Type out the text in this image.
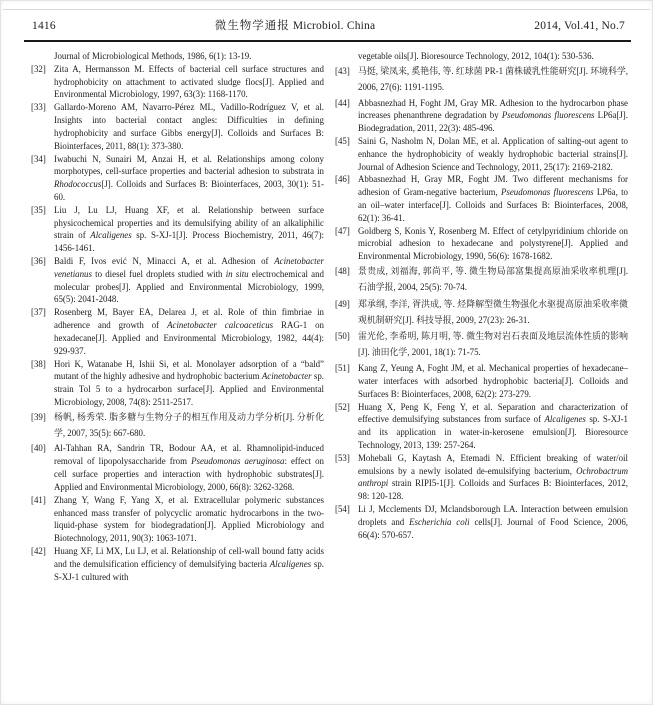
1416	微生物学通报 Microbiol. China	2014, Vol.41, No.7
Journal of Microbiological Methods, 1986, 6(1): 13-19.
[32] Zita A, Hermansson M. Effects of bacterial cell surface structures and hydrophobicity on attachment to activated sludge flocs[J]. Applied and Environmental Microbiology, 1997, 63(3): 1168-1170.
[33] Gallardo-Moreno AM, Navarro-Pérez ML, Vadillo-Rodríguez V, et al. Insights into bacterial contact angles: Difficulties in defining hydrophobicity and surface Gibbs energy[J]. Colloids and Surfaces B: Biointerfaces, 2011, 88(1): 373-380.
[34] Iwabuchi N, Sunairi M, Anzai H, et al. Relationships among colony morphotypes, cell-surface properties and bacterial adhesion to substrata in Rhodococcus[J]. Colloids and Surfaces B: Biointerfaces, 2003, 30(1): 51-60.
[35] Liu J, Lu LJ, Huang XF, et al. Relationship between surface physicochemical properties and its demulsifying ability of an alkaliphilic strain of Alcaligenes sp. S-XJ-1[J]. Process Biochemistry, 2011, 46(7): 1456-1461.
[36] Baldi F, Ivos ević N, Minacci A, et al. Adhesion of Acinetobacter venetianus to diesel fuel droplets studied with in situ electrochemical and molecular probes[J]. Applied and Environmental Microbiology, 1999, 65(5): 2041-2048.
[37] Rosenberg M, Bayer EA, Delarea J, et al. Role of thin fimbriae in adherence and growth of Acinetobacter calcoaceticus RAG-1 on hexadecane[J]. Applied and Environmental Microbiology, 1982, 44(4): 929-937.
[38] Hori K, Watanabe H, Ishii Si, et al. Monolayer adsorption of a “bald” mutant of the highly adhesive and hydrophobic bacterium Acinetobacter sp. strain Tol 5 to a hydrocarbon surface[J]. Applied and Environmental Microbiology, 2008, 74(8): 2511-2517.
[39] 杨帆, 杨秀荣. 脂多糖与生物分子的相互作用及动力学分析[J]. 分析化学, 2007, 35(5): 667-680.
[40] Al-Tahhan RA, Sandrin TR, Bodour AA, et al. Rhamnolipid-induced removal of lipopolysaccharide from Pseudomonas aeruginosa: effect on cell surface properties and interaction with hydrophobic substrates[J]. Applied and Environmental Microbiology, 2000, 66(8): 3262-3268.
[41] Zhang Y, Wang F, Yang X, et al. Extracellular polymeric substances enhanced mass transfer of polycyclic aromatic hydrocarbons in the two-liquid-phase system for biodegradation[J]. Applied Microbiology and Biotechnology, 2011, 90(3): 1063-1071.
[42] Huang XF, Li MX, Lu LJ, et al. Relationship of cell-wall bound fatty acids and the demulsification efficiency of demulsifying bacteria Alcaligenes sp. S-XJ-1 cultured with
vegetable oils[J]. Bioresource Technology, 2012, 104(1): 530-536.
[43] 马挺, 梁凤来, 奚艳伟, 等. 红球菌 PR-1 菌株破乳性能研究[J]. 环境科学, 2006, 27(6): 1191-1195.
[44] Abbasnezhad H, Foght JM, Gray MR. Adhesion to the hydrocarbon phase increases phenanthrene degradation by Pseudomonas fluorescens LP6a[J]. Biodegradation, 2011, 22(3): 485-496.
[45] Saini G, Nasholm N, Dolan ME, et al. Application of salting-out agent to enhance the hydrophobicity of weakly hydrophobic bacterial strains[J]. Journal of Adhesion Science and Technology, 2011, 25(17): 2169-2182.
[46] Abbasnezhad H, Gray MR, Foght JM. Two different mechanisms for adhesion of Gram-negative bacterium, Pseudomonas fluorescens LP6a, to an oil–water interface[J]. Colloids and Surfaces B: Biointerfaces, 2008, 62(1): 36-41.
[47] Goldberg S, Konis Y, Rosenberg M. Effect of cetylpyridinium chloride on microbial adhesion to hexadecane and polystyrene[J]. Applied and Environmental Microbiology, 1990, 56(6): 1678-1682.
[48] 景贵成, 刘福海, 郭尚平, 等. 微生物局部富集提高原油采收率机理[J]. 石油学报, 2004, 25(5): 70-74.
[49] 郑承纲, 李洋, 胥洪成, 等. 烃降解型微生物强化水驱提高原油采收率微观机制研究[J]. 科技导报, 2009, 27(23): 26-31.
[50] 雷光伦, 李希明, 陈月明, 等. 微生物对岩石表面及地层流体性质的影响[J]. 油田化学, 2001, 18(1): 71-75.
[51] Kang Z, Yeung A, Foght JM, et al. Mechanical properties of hexadecane–water interfaces with adsorbed hydrophobic bacteria[J]. Colloids and Surfaces B: Biointerfaces, 2008, 62(2): 273-279.
[52] Huang X, Peng K, Feng Y, et al. Separation and characterization of effective demulsifying substances from surface of Alcaligenes sp. S-XJ-1 and its application in water-in-kerosene emulsion[J]. Bioresource Technology, 2013, 139: 257-264.
[53] Mohebali G, Kaytash A, Etemadi N. Efficient breaking of water/oil emulsions by a newly isolated de-emulsifying bacterium, Ochrobactrum anthropi strain RIPI5-1[J]. Colloids and Surfaces B: Biointerfaces, 2012, 98: 120-128.
[54] Li J, Mcclements DJ, Mclandsborough LA. Interaction between emulsion droplets and Escherichia coli cells[J]. Journal of Food Science, 2006, 66(4): 570-657.
